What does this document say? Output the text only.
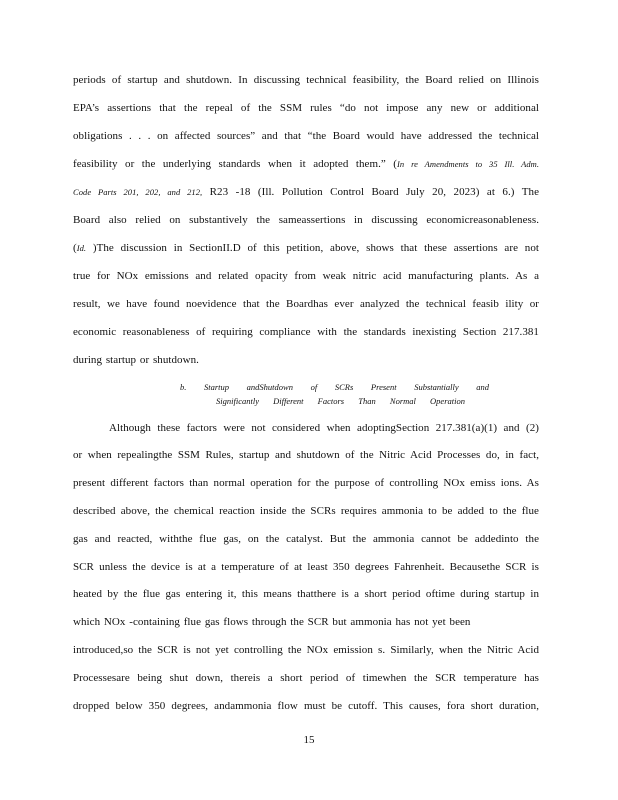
periods of startup and shutdown. In discussing technical feasibility, the Board relied on Illinois
EPA’s assertions that the repeal of the SSM rules “do not impose any new or additional
obligations . . . on affected sources” and that “the Board would have addressed the technical
feasibility or the underlying standards when it adopted them.” (In re Amendments to 35 Ill. Adm.
Code Parts 201, 202, and 212, R23 -18 (Ill. Pollution Control Board July 20, 2023) at 6.) The
Board also relied on substantively the sameassertions in discussing economicreasonableness.
(Id. )The discussion in SectionII.D of this petition, above, shows that these assertions are not
true for NOx emissions and related opacity from weak nitric acid manufacturing plants. As a
result, we have found noevidence that the Boardhas ever analyzed the technical feasib ility or
economic reasonableness of requiring compliance with the standards inexisting Section 217.381
during startup or shutdown.
b. Startup andShutdown of SCRs Present Substantially and
Significantly Different Factors Than Normal Operation
Although these factors were not considered when adoptingSection 217.381(a)(1) and (2)
or when repealingthe SSM Rules, startup and shutdown of the Nitric Acid Processes do, in fact,
present different factors than normal operation for the purpose of controlling NOx emiss ions. As
described above, the chemical reaction inside the SCRs requires ammonia to be added to the flue
gas and reacted, withthe flue gas, on the catalyst. But the ammonia cannot be addedinto the
SCR unless the device is at a temperature of at least 350 degrees Fahrenheit. Becausethe SCR is
heated by the flue gas entering it, this means thatthere is a short period oftime during startup in
which NOx -containing flue gas flows through the SCR but ammonia has not yet been
introduced,so the SCR is not yet controlling the NOx emission s. Similarly, when the Nitric Acid
Processesare being shut down, thereis a short period of timewhen the SCR temperature has
dropped below 350 degrees, andammonia flow must be cutoff. This causes, fora short duration,
15
